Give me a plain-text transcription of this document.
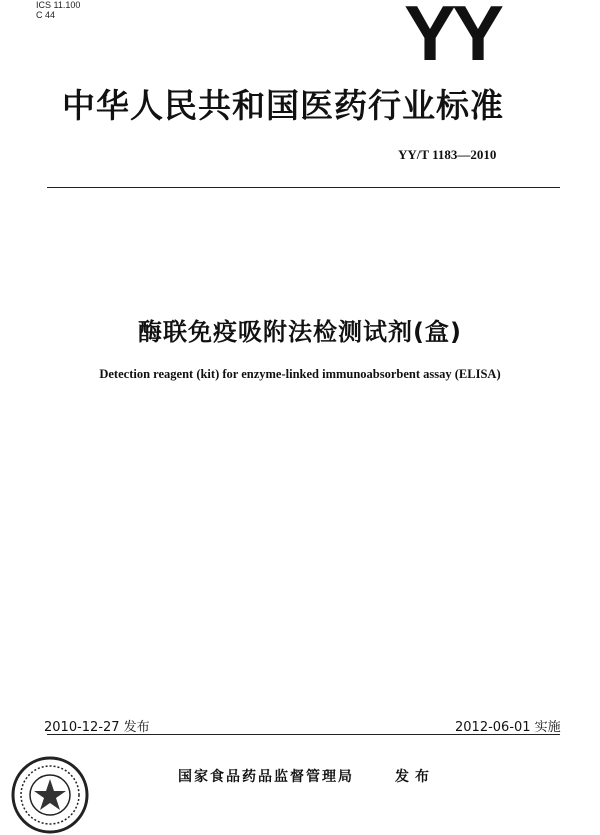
ICS 11.100
C 44	YY
中华人民共和国医药行业标准
YY/T 1183—2010
酶联免疫吸附法检测试剂(盒)
Detection reagent (kit) for enzyme-linked immunoabsorbent assay (ELISA)
2010-12-27 发布	2012-06-01 实施
国家食品药品监督管理局	发布
